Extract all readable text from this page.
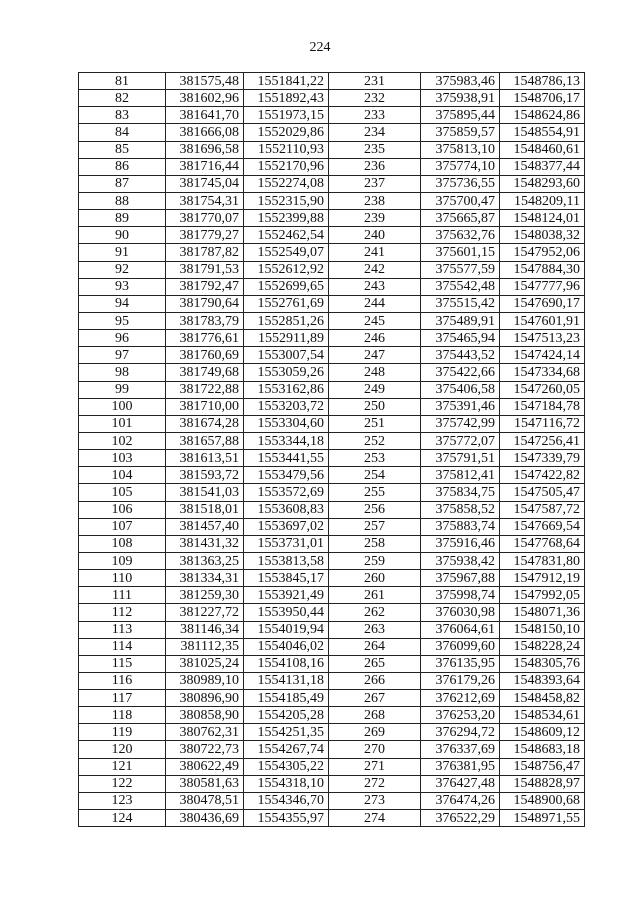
224
81	381575,48	1551841,22	231	375983,46	1548786,13
82	381602,96	1551892,43	232	375938,91	1548706,17
83	381641,70	1551973,15	233	375895,44	1548624,86
84	381666,08	1552029,86	234	375859,57	1548554,91
85	381696,58	1552110,93	235	375813,10	1548460,61
86	381716,44	1552170,96	236	375774,10	1548377,44
87	381745,04	1552274,08	237	375736,55	1548293,60
88	381754,31	1552315,90	238	375700,47	1548209,11
89	381770,07	1552399,88	239	375665,87	1548124,01
90	381779,27	1552462,54	240	375632,76	1548038,32
91	381787,82	1552549,07	241	375601,15	1547952,06
92	381791,53	1552612,92	242	375577,59	1547884,30
93	381792,47	1552699,65	243	375542,48	1547777,96
94	381790,64	1552761,69	244	375515,42	1547690,17
95	381783,79	1552851,26	245	375489,91	1547601,91
96	381776,61	1552911,89	246	375465,94	1547513,23
97	381760,69	1553007,54	247	375443,52	1547424,14
98	381749,68	1553059,26	248	375422,66	1547334,68
99	381722,88	1553162,86	249	375406,58	1547260,05
100	381710,00	1553203,72	250	375391,46	1547184,78
101	381674,28	1553304,60	251	375742,99	1547116,72
102	381657,88	1553344,18	252	375772,07	1547256,41
103	381613,51	1553441,55	253	375791,51	1547339,79
104	381593,72	1553479,56	254	375812,41	1547422,82
105	381541,03	1553572,69	255	375834,75	1547505,47
106	381518,01	1553608,83	256	375858,52	1547587,72
107	381457,40	1553697,02	257	375883,74	1547669,54
108	381431,32	1553731,01	258	375916,46	1547768,64
109	381363,25	1553813,58	259	375938,42	1547831,80
110	381334,31	1553845,17	260	375967,88	1547912,19
111	381259,30	1553921,49	261	375998,74	1547992,05
112	381227,72	1553950,44	262	376030,98	1548071,36
113	381146,34	1554019,94	263	376064,61	1548150,10
114	381112,35	1554046,02	264	376099,60	1548228,24
115	381025,24	1554108,16	265	376135,95	1548305,76
116	380989,10	1554131,18	266	376179,26	1548393,64
117	380896,90	1554185,49	267	376212,69	1548458,82
118	380858,90	1554205,28	268	376253,20	1548534,61
119	380762,31	1554251,35	269	376294,72	1548609,12
120	380722,73	1554267,74	270	376337,69	1548683,18
121	380622,49	1554305,22	271	376381,95	1548756,47
122	380581,63	1554318,10	272	376427,48	1548828,97
123	380478,51	1554346,70	273	376474,26	1548900,68
124	380436,69	1554355,97	274	376522,29	1548971,55
